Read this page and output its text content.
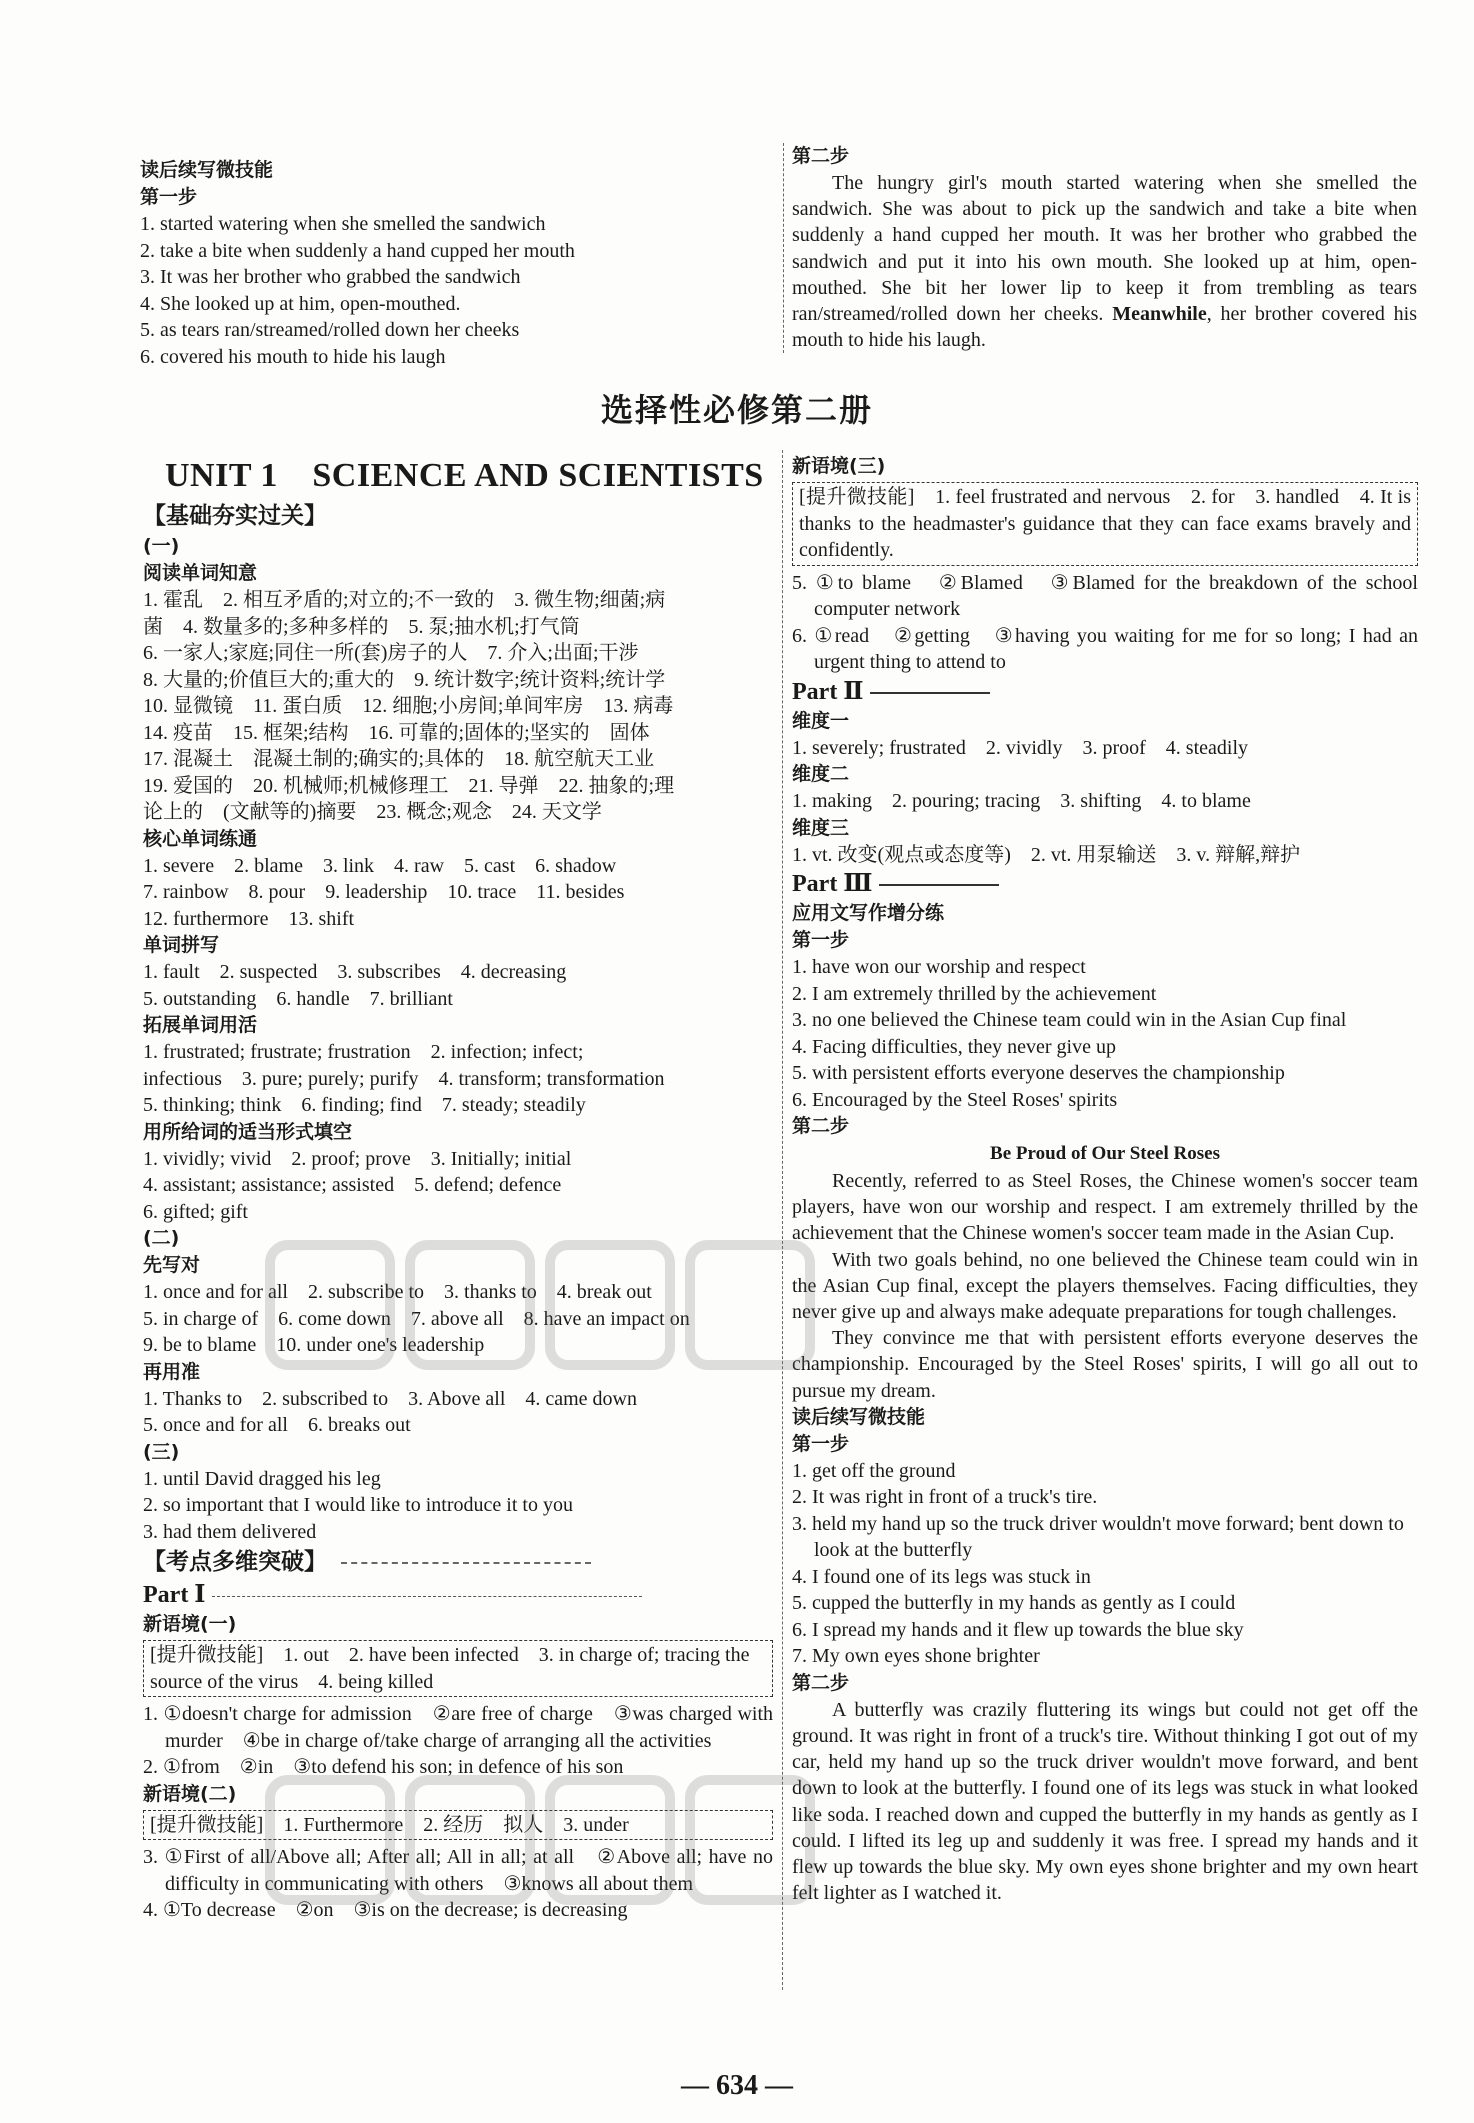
读后续写微技能
第一步
1. started watering when she smelled the sandwich
2. take a bite when suddenly a hand cupped her mouth
3. It was her brother who grabbed the sandwich
4. She looked up at him, open-mouthed.
5. as tears ran/streamed/rolled down her cheeks
6. covered his mouth to hide his laugh
第二步
The hungry girl's mouth started watering when she smelled the sandwich. She was about to pick up the sandwich and take a bite when suddenly a hand cupped her mouth. It was her brother who grabbed the sandwich and put it into his own mouth. She looked up at him, open-mouthed. She bit her lower lip to keep it from trembling as tears ran/streamed/rolled down her cheeks. Meanwhile, her brother covered his mouth to hide his laugh.
选择性必修第二册
UNIT 1　SCIENCE AND SCIENTISTS
【基础夯实过关】
(一)
阅读单词知意
1. 霍乱　2. 相互矛盾的;对立的;不一致的　3. 微生物;细菌;病
菌　4. 数量多的;多种多样的　5. 泵;抽水机;打气筒
6. 一家人;家庭;同住一所(套)房子的人　7. 介入;出面;干涉
8. 大量的;价值巨大的;重大的　9. 统计数字;统计资料;统计学
10. 显微镜　11. 蛋白质　12. 细胞;小房间;单间牢房　13. 病毒
14. 疫苗　15. 框架;结构　16. 可靠的;固体的;坚实的　固体
17. 混凝土　混凝土制的;确实的;具体的　18. 航空航天工业
19. 爱国的　20. 机械师;机械修理工　21. 导弹　22. 抽象的;理
论上的　(文献等的)摘要　23. 概念;观念　24. 天文学
核心单词练通
1. severe　2. blame　3. link　4. raw　5. cast　6. shadow
7. rainbow　8. pour　9. leadership　10. trace　11. besides
12. furthermore　13. shift
单词拼写
1. fault　2. suspected　3. subscribes　4. decreasing
5. outstanding　6. handle　7. brilliant
拓展单词用活
1. frustrated; frustrate; frustration　2. infection; infect;
infectious　3. pure; purely; purify　4. transform; transformation
5. thinking; think　6. finding; find　7. steady; steadily
用所给词的适当形式填空
1. vividly; vivid　2. proof; prove　3. Initially; initial
4. assistant; assistance; assisted　5. defend; defence
6. gifted; gift
(二)
先写对
1. once and for all　2. subscribe to　3. thanks to　4. break out
5. in charge of　6. come down　7. above all　8. have an impact on
9. be to blame　10. under one's leadership
再用准
1. Thanks to　2. subscribed to　3. Above all　4. came down
5. once and for all　6. breaks out
(三)
1. until David dragged his leg
2. so important that I would like to introduce it to you
3. had them delivered
【考点多维突破】
Part Ⅰ
新语境(一)
[提升微技能]　1. out　2. have been infected　3. in charge of; tracing the source of the virus　4. being killed
1. ①doesn't charge for admission　②are free of charge　③was charged with murder　④be in charge of/take charge of arranging all the activities
2. ①from　②in　③to defend his son; in defence of his son
新语境(二)
[提升微技能]　1. Furthermore　2. 经历　拟人　3. under
3. ①First of all/Above all; After all; All in all; at all　②Above all; have no difficulty in communicating with others　③knows all about them
4. ①To decrease　②on　③is on the decrease; is decreasing
新语境(三)
[提升微技能]　1. feel frustrated and nervous　2. for　3. handled　4. It is thanks to the headmaster's guidance that they can face exams bravely and confidently.
5. ①to blame　②Blamed　③Blamed for the breakdown of the school computer network
6. ①read　②getting　③having you waiting for me for so long; I had an urgent thing to attend to
Part Ⅱ
维度一
1. severely; frustrated　2. vividly　3. proof　4. steadily
维度二
1. making　2. pouring; tracing　3. shifting　4. to blame
维度三
1. vt. 改变(观点或态度等)　2. vt. 用泵输送　3. v. 辩解,辩护
Part Ⅲ
应用文写作增分练
第一步
1. have won our worship and respect
2. I am extremely thrilled by the achievement
3. no one believed the Chinese team could win in the Asian Cup final
4. Facing difficulties, they never give up
5. with persistent efforts everyone deserves the championship
6. Encouraged by the Steel Roses' spirits
第二步
Be Proud of Our Steel Roses
Recently, referred to as Steel Roses, the Chinese women's soccer team players, have won our worship and respect. I am extremely thrilled by the achievement that the Chinese women's soccer team made in the Asian Cup.
With two goals behind, no one believed the Chinese team could win in the Asian Cup final, except the players themselves. Facing difficulties, they never give up and always make adequate preparations for tough challenges.
They convince me that with persistent efforts everyone deserves the championship. Encouraged by the Steel Roses' spirits, I will go all out to pursue my dream.
读后续写微技能
第一步
1. get off the ground
2. It was right in front of a truck's tire.
3. held my hand up so the truck driver wouldn't move forward; bent down to look at the butterfly
4. I found one of its legs was stuck in
5. cupped the butterfly in my hands as gently as I could
6. I spread my hands and it flew up towards the blue sky
7. My own eyes shone brighter
第二步
A butterfly was crazily fluttering its wings but could not get off the ground. It was right in front of a truck's tire. Without thinking I got out of my car, held my hand up so the truck driver wouldn't move forward, and bent down to look at the butterfly. I found one of its legs was stuck in what looked like soda. I reached down and cupped the butterfly in my hands as gently as I could. I lifted its leg up and suddenly it was free. I spread my hands and it flew up towards the blue sky. My own eyes shone brighter and my own heart felt lighter as I watched it.
— 634 —
